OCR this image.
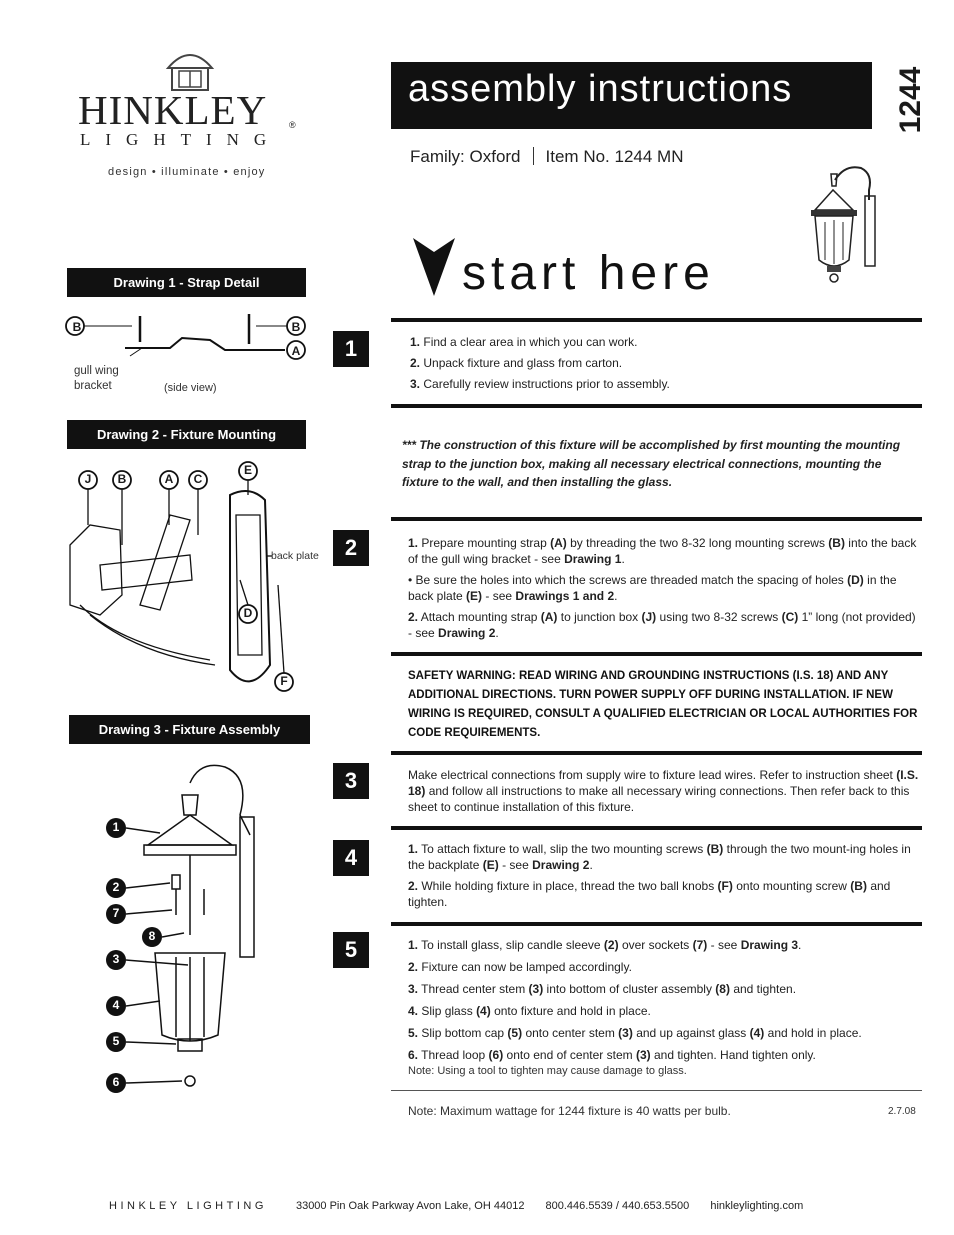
HINKLEY ®
LIGHTING
design • illuminate • enjoy
assembly instructions	1244
Family: Oxford Item No. 1244 MN
start here
Drawing 1 - Strap Detail
B	B
A
gull wing
bracket	(side view)
Drawing 2 - Fixture Mounting
J B	A C
E
D
F
back plate
Drawing 3 - Fixture Assembly
1
2
7
8
3
4
5
6
1	1. Find a clear area in which you can work.

2. Unpack fixture and glass from carton.

3. Carefully review instructions prior to assembly.

*** The construction of this fixture will be accomplished by first mounting the mounting strap to the junction box, making all necessary electrical connections, mounting the fixture to the wall, and then installing the glass.
2	1. Prepare mounting strap (A) by threading the two 8-32 long mounting screws (B) into the back of the gull wing bracket - see Drawing 1.

• Be sure the holes into which the screws are threaded match the spacing of holes (D) in the back plate (E) - see Drawings 1 and 2.

2. Attach mounting strap (A) to junction box (J) using two 8-32 screws (C) 1” long (not provided) - see Drawing 2.

SAFETY WARNING: READ WIRING AND GROUNDING INSTRUCTIONS (I.S. 18) AND ANY ADDITIONAL DIRECTIONS. TURN POWER SUPPLY OFF DURING INSTALLATION. IF NEW WIRING IS REQUIRED, CONSULT A QUALIFIED ELECTRICIAN OR LOCAL AUTHORITIES FOR CODE REQUIREMENTS.
3	Make electrical connections from supply wire to fixture lead wires. Refer to instruction sheet (I.S. 18) and follow all instructions to make all necessary wiring connections. Then refer back to this sheet to continue installation of this fixture.
4	1. To attach fixture to wall, slip the two mounting screws (B) through the two mount-ing holes in the backplate (E) - see Drawing 2.

2. While holding fixture in place, thread the two ball knobs (F) onto mounting screw (B) and tighten.

5	1. To install glass, slip candle sleeve (2) over sockets (7) - see Drawing 3.

2. Fixture can now be lamped accordingly.

3. Thread center stem (3) into bottom of cluster assembly (8) and tighten.

4. Slip glass (4) onto fixture and hold in place.

5. Slip bottom cap (5) onto center stem (3) and up against glass (4) and hold in place.

6. Thread loop (6) onto end of center stem (3) and tighten. Hand tighten only.

Note: Using a tool to tighten may cause damage to glass.
Note: Maximum wattage for 1244 fixture is 40 watts per bulb.	2.7.08
HINKLEY LIGHTING	33000 Pin Oak Parkway Avon Lake, OH 44012 800.446.5539 / 440.653.5500 hinkleylighting.com
